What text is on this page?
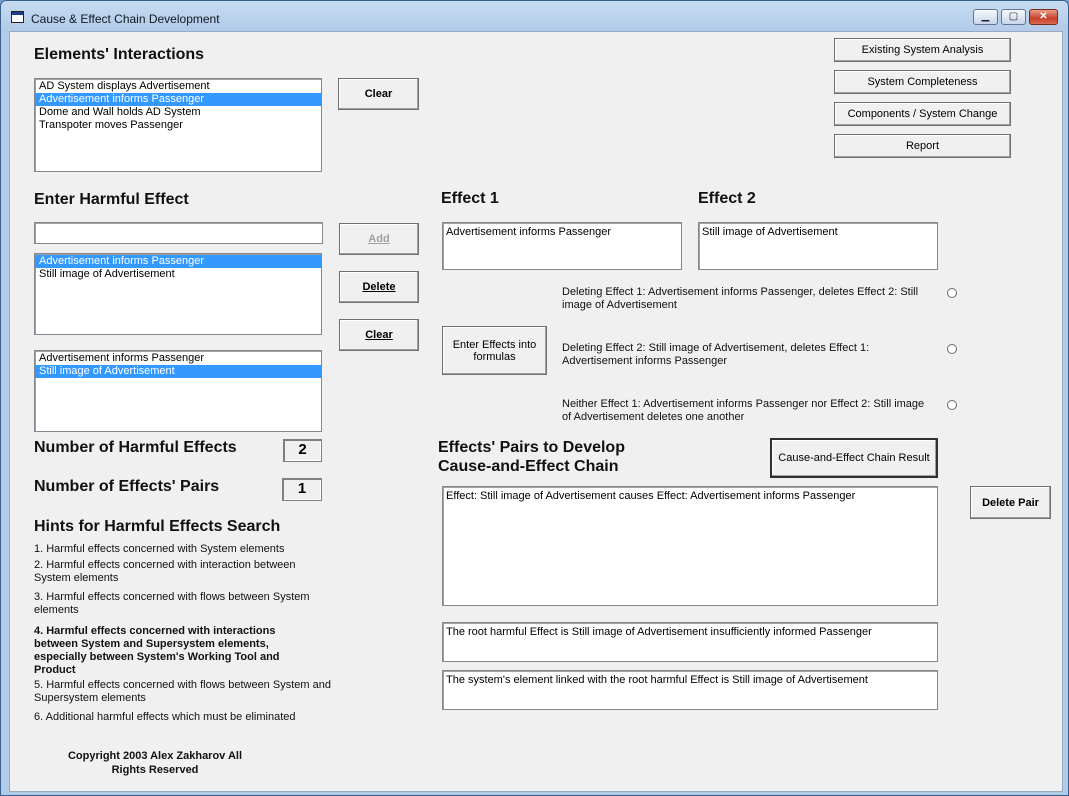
Cause & Effect Chain Development	▁	▢	✕
Elements' Interactions
AD System displays Advertisement
Advertisement informs Passenger
Dome and Wall holds AD System
Transpoter moves Passenger
Clear
Existing System Analysis
System Completeness
Components / System Change
Report
Enter Harmful Effect
Advertisement informs Passenger
Still image of Advertisement
Advertisement informs Passenger
Still image of Advertisement
Add
Delete
Clear
Number of Harmful Effects	2
Number of Effects' Pairs	1
Hints for Harmful Effects Search
1. Harmful effects concerned with System elements
2. Harmful effects concerned with interaction between System elements
3. Harmful effects concerned with flows between System elements
4. Harmful effects concerned with interactions between System and Supersystem elements, especially between System's Working Tool and Product
5. Harmful effects concerned with flows between System and Supersystem elements
6. Additional harmful effects which must be eliminated
Copyright 2003 Alex Zakharov All Rights Reserved
Effect 1
Advertisement informs Passenger
Effect 2
Still image of Advertisement
Enter Effects into formulas
Deleting Effect 1: Advertisement informs Passenger, deletes Effect 2: Still image of Advertisement
Deleting Effect 2: Still image of Advertisement, deletes Effect 1: Advertisement informs Passenger
Neither Effect 1: Advertisement informs Passenger nor Effect 2: Still image of Advertisement deletes one another
Effects' Pairs to Develop
Cause-and-Effect Chain	Cause-and-Effect Chain Result
Effect: Still image of Advertisement causes Effect: Advertisement informs Passenger
Delete Pair
The root harmful Effect is Still image of Advertisement insufficiently informed Passenger
The system's element linked with the root harmful Effect is Still image of Advertisement
